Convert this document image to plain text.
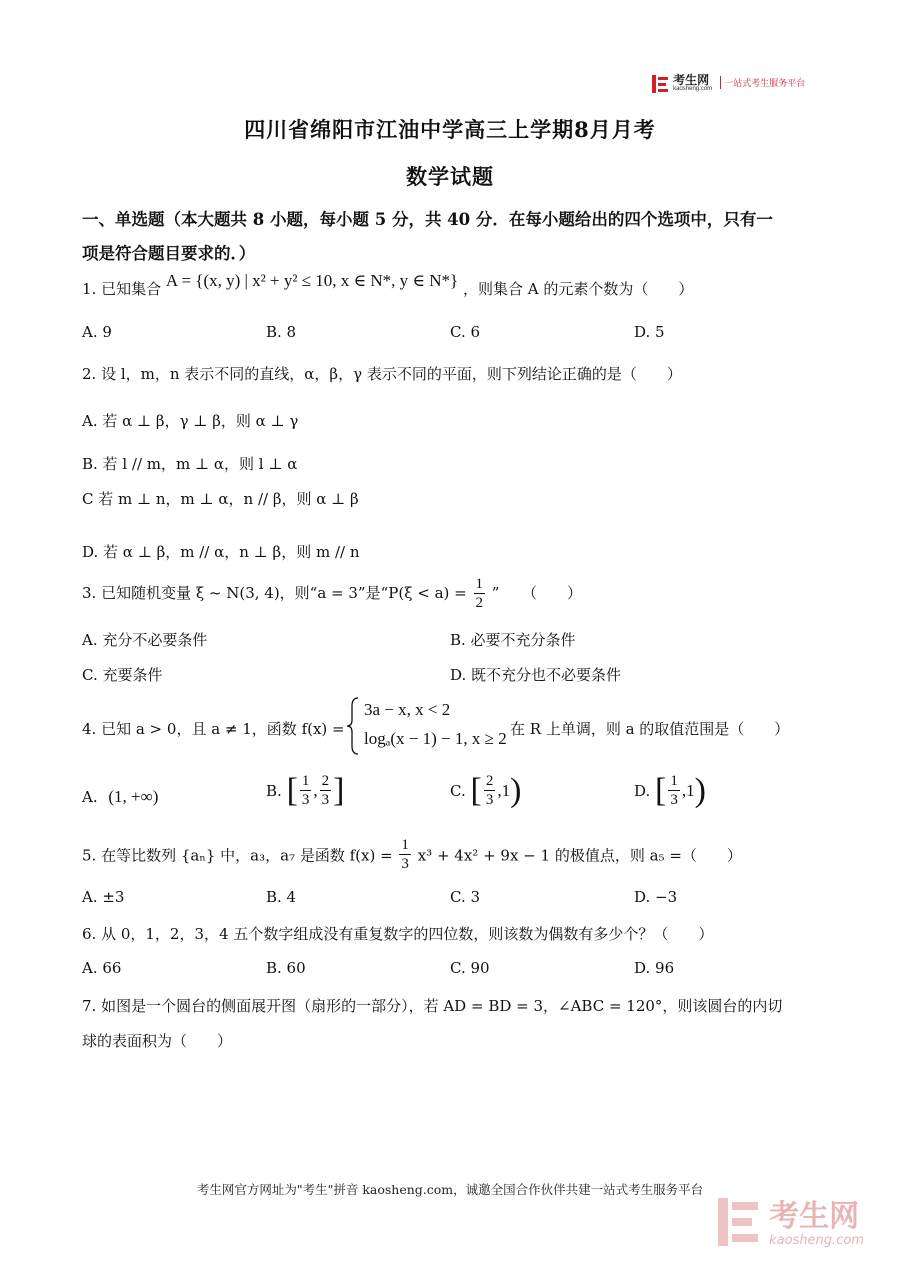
考生网
kaosheng.com 一站式考生服务平台
四川省绵阳市江油中学高三上学期8月月考
数学试题
一、单选题（本大题共 8 小题，每小题 5 分，共 40 分．在每小题给出的四个选项中，只有一
项是符合题目要求的．）
1. 已知集合 A = {(x, y) | x² + y² ≤ 10, x ∈ N*, y ∈ N*} ，则集合 A 的元素个数为（　　）
A. 9	B. 8	C. 6	D. 5
2. 设 l，m，n 表示不同的直线，α，β，γ 表示不同的平面，则下列结论正确的是（　　）
A. 若 α ⊥ β，γ ⊥ β，则 α ⊥ γ
B. 若 l // m，m ⊥ α，则 l ⊥ α
C 若 m ⊥ n，m ⊥ α，n // β，则 α ⊥ β
D. 若 α ⊥ β，m // α，n ⊥ β，则 m // n
3. 已知随机变量 ξ ~ N(3, 4)，则“a = 3”是“$P(\xi < a) = \frac{1}{2}$ ”　　（　　）
A. 充分不必要条件	B. 必要不充分条件
C. 充要条件	D. 既不充分也不必要条件
4. 已知 a > 0，且 a ≠ 1，函数 f(x) =
3a − x, x < 2
logₐ(x − 1) − 1, x ≥ 2 在 R 上单调，则 a 的取值范围是（　　）
A. (1, +∞)	B. [ $\frac{1}{3}$ , $\frac{2}{3}$ ]	C. [ $\frac{2}{3} ,1$)	D. [ $\frac{1}{3} ,1$)
5. 在等比数列 {aₙ} 中，a₃，a₇ 是函数 $f(x) = \frac{1}{3} x^3 + 4x^2 + 9x - 1$ 的极值点，则 a₅ =（　　）
A. ±3	B. 4	C. 3	D. −3
6. 从 0，1，2，3，4 五个数字组成没有重复数字的四位数，则该数为偶数有多少个？（　　）
A. 66	B. 60	C. 90	D. 96
7. 如图是一个圆台的侧面展开图（扇形的一部分），若 AD = BD = 3，∠ABC = 120°，则该圆台的内切
球的表面积为（　　）
考生网官方网址为"考生"拼音 kaosheng.com，诚邀全国合作伙伴共建一站式考生服务平台

考生网
kaosheng.com
